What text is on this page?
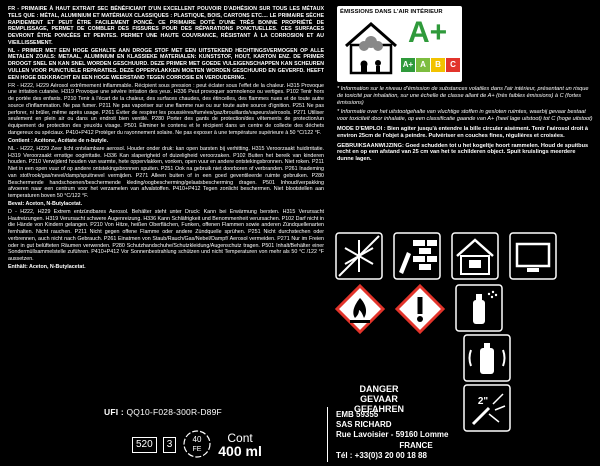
FR - PRIMAIRE À HAUT EXTRAIT SEC BÉNÉFICIANT D'UN EXCELLENT POUVOIR D'ADHÉSION SUR TOUS LES MÉTAUX TELS QUE : MÉTAL, ALUMINIUM ET MATÉRIAUX CLASSIQUES : PLASTIQUE, BOIS, CARTONS ETC.... LE PRIMAIRE SÈCHE RAPIDEMENT ET PEUT ÊTRE FACILEMENT PONCÉ. CE PRIMAIRE DOTÉ D'UNE TRÈS BONNE PROPRIÉTÉ DE REMPLISSAGE, PERMET DE COMBLER DES FISSURES POUR DES RÉPARATIONS PONCTUELLES. CES SURFACES DEVRONT ÊTRE PONCÉES ET PEINTES. PERMET UNE HAUTE COUVRANCE, RÉSISTANT À LA CORROSION ET AU VIEILLISSEMENT.

NL - PRIMER MET EEN HOGE GEHALTE AAN DROGE STOF MET EEN UITSTEKEND HECHTINGSVERMOGEN OP ALLE METALEN ZOALS: METAAL, ALUMINIUM EN KLASSIEKE MATERIALEN: KUNSTSTOF, HOUT, KARTON ENZ. DE PRIMER DROOGT SNEL EN KAN SNEL WORDEN GESCHUURD. DEZE PRIMER MET GOEDE VULEIGENSCHAPPEN KAN SCHEUREN VULLEN VOOR PUNCTUELE REPARATIES. DEZE OPPERVLAKKEN MOETEN WORDEN GESCHUURD EN GEVERFD. HEEFT EEN HOGE DEKKRACHT EN EEN HOGE WEERSTAND TEGEN CORROSIE EN VEROUDERING.

FR - H222, H229 Aérosol extrêmement inflammable. Récipient sous pression : peut éclater sous l'effet de la chaleur. H315 Provoque une irritation cutanée. H319 Provoque une sévère irritation des yeux. H336 Peut provoquer somnolence ou vertiges. P102 Tenir hors de portée des enfants. P210 Tenir à l'écart de la chaleur, des surfaces chaudes, des étincelles, des flammes nues et de toute autre source d'inflammation. Ne pas fumer. P211 Ne pas vaporiser sur une flamme nue ou sur toute autre source d'ignition. P251 Ne pas perforer, ni brûler, même après usage. P261 Éviter de respirer les poussières/fumées/gaz/brouillards/vapeurs/aérosols. P271 Utiliser seulement en plein air ou dans un endroit bien ventilé. P280 Porter des gants de protection/des vêtements de protection/un équipement de protection des yeux/du visage. P501 Éliminer le contenu et le récipient dans un centre de collecte des déchets dangereux ou spéciaux. P410+P412 Protéger du rayonnement solaire. Ne pas exposer à une température supérieure à 50 °C/122 °F.

Contient : Acétone, Acétate de n-butyle.

NL - H222, H229 Zeer licht ontvlambare aerosol. Houder onder druk: kan open barsten bij verhitting. H315 Veroorzaakt huidirritatie. H319 Veroorzaakt ernstige oogirritatie. H336 Kan slaperigheid of duizeligheid veroorzaken. P102 Buiten het bereik van kinderen houden. P210 Verwijderd houden van warmte, hete oppervlakken, vonken, open vuur en andere ontstekingsbronnen. Niet roken. P211 Niet in een open vuur of op andere ontstekingsbronnen spuiten. P251 Ook na gebruik niet doorboren of verbranden. P261 Inademing van stof/rook/gas/nevel/damp/spuitnevel vermijden. P271 Alleen buiten of in een goed geventileerde ruimte gebruiken. P280 Beschermende handschoenen/beschermende kleding/oogbescherming/gelaatsbescherming dragen. P501 Inhoud/verpakking afvoeren naar een centrum voor het verzamelen van afvalstoffen. P410+P412 Tegen zonlicht beschermen. Niet blootstellen aan temperaturen boven 50 °C/122 °F.

Bevat: Aceton, N-Butylacetat.

D - H222, H229 Extrem entzündbares Aerosol. Behälter steht unter Druck: Kann bei Erwärmung bersten. H315 Verursacht Hautreizungen. H319 Verursacht schwere Augenreizung. H336 Kann Schläfrigkeit und Benommenheit verursachen. P102 Darf nicht in die Hände von Kindern gelangen. P210 Von Hitze, heißen Oberflächen, Funken, offenen Flammen sowie anderen Zündquellenarten fernhalten. Nicht rauchen. P211 Nicht gegen offene Flamme oder andere Zündquelle sprühen. P251 Nicht durchstechen oder verbrennen, auch nicht nach Gebrauch. P261 Einatmen von Staub/Rauch/Gas/Nebel/Dampf/ Aerosol vermeiden. P271 Nur im Freien oder in gut belüfteten Räumen verwenden. P280 Schutzhandschuhe/Schutzkleidung/Augenschutz tragen. P501 Inhalt/Behälter einer Sondermüllsammelstelle zuführen. P410+P412 Vor Sonnenbestrahlung schützen und nicht Temperaturen von mehr als 50 °C /122 °F aussetzen.

Enthält: Aceton, N-Butylacetat.

UFI : QQ10-F028-300R-D89F
520	3	40
FE
Cont
400 ml
ÉMISSIONS DANS L'AIR INTÉRIEUR
A+
A+ A	B	C

* Information sur le niveau d'émission de substances volatiles dans l'air intérieur, présentant un risque de toxicité par inhalation, sur une échelle de classe allant de A+ (très faibles émissions) à C (fortes émissions)

* Informatie over het uitstootgehalte van vluchtige stoffen in gesloten ruimtes, waarbij gevaar bestaat voor toxiciteit door inhalatie, op een classificatie gaande van A+ (heel lage uitstoot) tot C (hoge uitstoot)

MODE D'EMPLOI : Bien agiter jusqu'à entendre la bille circuler aisément. Tenir l'aérosol droit à environ 25cm de l'objet à peindre. Pulvériser en couches fines, régulières et croisées.

GEBRUIKSAANWIJZING: Goed schudden tot u het kogeltje hoort rammelen. Houd de spuitbus recht en op een afstand van 25 cm van het te schilderen object. Spuit kruislings meerdere dunne lagen.

2"
DANGER
GEVAAR
GEFAHREN
EMB 59355
SAS RICHARD
Rue Lavoisier - 59160 Lomme
FRANCE
Tél : +33(0)3 20 00 18 88
